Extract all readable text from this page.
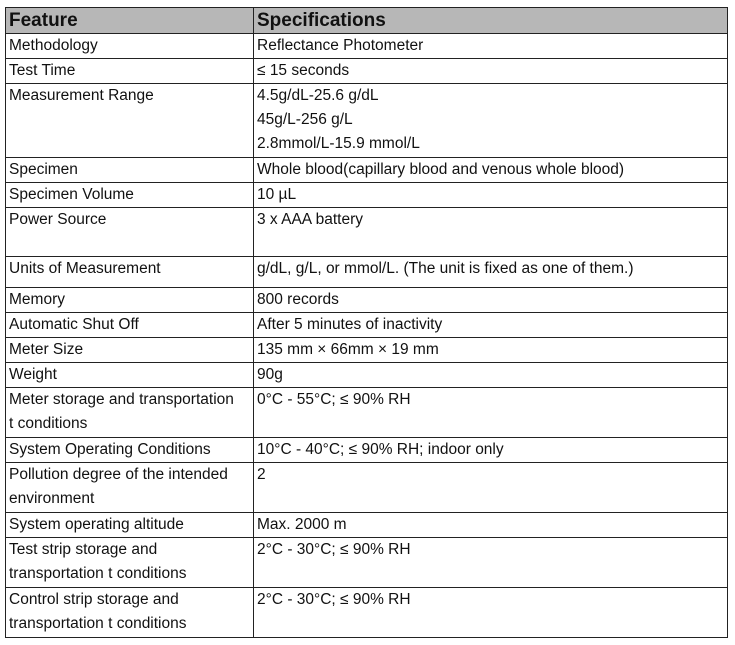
Feature	Specifications

Methodology	Reflectance Photometer

Test Time	≤ 15 seconds

Measurement Range	4.5g/dL-25.6 g/dL
45g/L-256 g/L
2.8mmol/L-15.9 mmol/L

Specimen	Whole blood(capillary blood and venous whole blood)

Specimen Volume	10 µL

Power Source	3 x AAA battery

Units of Measurement	g/dL, g/L, or mmol/L. (The unit is fixed as one of them.)

Memory	800 records

Automatic Shut Off	After 5 minutes of inactivity

Meter Size	135 mm × 66mm × 19 mm

Weight	90g

Meter storage and transportation
t conditions	0°C - 55°C; ≤ 90% RH

System Operating Conditions	10°C - 40°C; ≤ 90% RH; indoor only

Pollution degree of the intended
environment	2

System operating altitude	Max. 2000 m

Test strip storage and
transportation t conditions	2°C - 30°C; ≤ 90% RH

Control strip storage and
transportation t conditions	2°C - 30°C; ≤ 90% RH
